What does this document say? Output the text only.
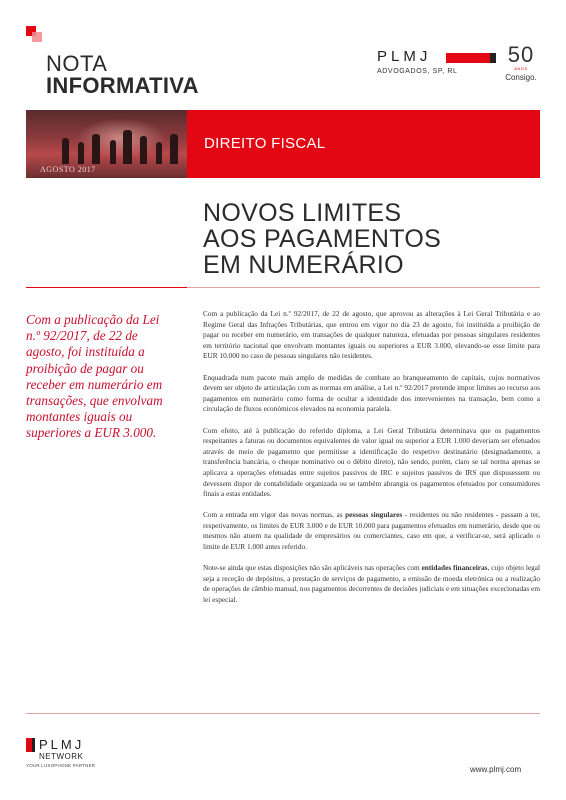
NOTA
INFORMATIVA
PLMJ
ADVOGADOS, SP, RL
50
ANOS
Consigo.
AGOSTO 2017
DIREITO FISCAL
NOVOS LIMITES
AOS PAGAMENTOS
EM NUMERÁRIO
Com a publicação da Lei n.º 92/2017, de 22 de agosto, foi instituída a proibição de pagar ou receber em numerário em transações, que envolvam montantes iguais ou superiores a EUR 3.000.

Com a publicação da Lei n.º 92/2017, de 22 de agosto, que aprovou as alterações à Lei Geral Tributária e ao Regime Geral das Infrações Tributárias, que entrou em vigor no dia 23 de agosto, foi instituída a proibição de pagar ou receber em numerário, em transações de qualquer natureza, efetuadas por pessoas singulares residentes em território nacional que envolvam montantes iguais ou superiores a EUR 3.000, elevando-se esse limite para EUR 10.000 no caso de pessoas singulares não residentes.

Enquadrada num pacote mais amplo de medidas de combate ao branqueamento de capitais, cujos normativos devem ser objeto de articulação com as normas em análise, a Lei n.º 92/2017 pretende impor limites ao recurso aos pagamentos em numerário como forma de ocultar a identidade dos intervenientes na transação, bem como a circulação de fluxos económicos elevados na economia paralela.

Com efeito, até à publicação do referido diploma, a Lei Geral Tributária determinava que os pagamentos respeitantes a faturas ou documentos equivalentes de valor igual ou superior a EUR 1.000 deveriam ser efetuados através de meio de pagamento que permitisse a identificação do respetivo destinatário (designadamente, a transferência bancária, o cheque nominativo ou o débito direto), não sendo, porém, claro se tal norma apenas se aplicava a operações efetuadas entre sujeitos passivos de IRC e sujeitos passivos de IRS que dispusessem ou devessem dispor de contabilidade organizada ou se também abrangia os pagamentos efetuados por consumidores finais a estas entidades.

Com a entrada em vigor das novas normas, as pessoas singulares - residentes ou não residentes - passam a ter, respetivamente, os limites de EUR 3.000 e de EUR 10.000 para pagamentos efetuados em numerário, desde que os mesmos não atuem na qualidade de empresários ou comerciantes, caso em que, a verificar-se, será aplicado o limite de EUR 1.000 antes referido.

Note-se ainda que estas disposições não são aplicáveis nas operações com entidades financeiras, cujo objeto legal seja a receção de depósitos, a prestação de serviços de pagamento, a emissão de moeda eletrónica ou a realização de operações de câmbio manual, nos pagamentos decorrentes de decisões judiciais e em situações excecionadas em lei especial.

PLMJ
NETWORK
YOUR LUSOPHONE PARTNER	www.plmj.com
